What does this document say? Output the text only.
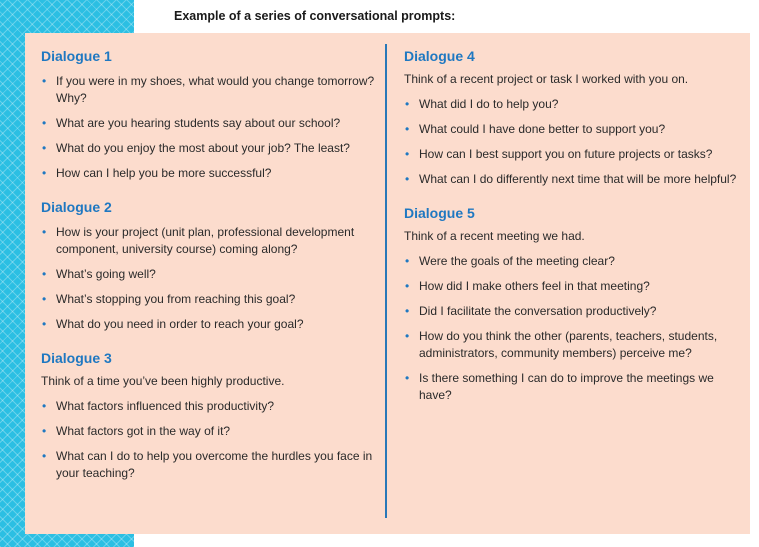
Example of a series of conversational prompts:
Dialogue 1
• If you were in my shoes, what would you change tomorrow? Why?
• What are you hearing students say about our school?
• What do you enjoy the most about your job? The least?
• How can I help you be more successful?
Dialogue 2
• How is your project (unit plan, professional development component, university course) coming along?
• What’s going well?
• What’s stopping you from reaching this goal?
• What do you need in order to reach your goal?
Dialogue 3

Think of a time you’ve been highly productive.

• What factors influenced this productivity?
• What factors got in the way of it?
• What can I do to help you overcome the hurdles you face in your teaching?
Dialogue 4

Think of a recent project or task I worked with you on.

• What did I do to help you?
• What could I have done better to support you?
• How can I best support you on future projects or tasks?
• What can I do differently next time that will be more helpful?
Dialogue 5

Think of a recent meeting we had.

• Were the goals of the meeting clear?
• How did I make others feel in that meeting?
• Did I facilitate the conversation productively?
• How do you think the other (parents, teachers, students, administrators, community members) perceive me?
• Is there something I can do to improve the meetings we have?
